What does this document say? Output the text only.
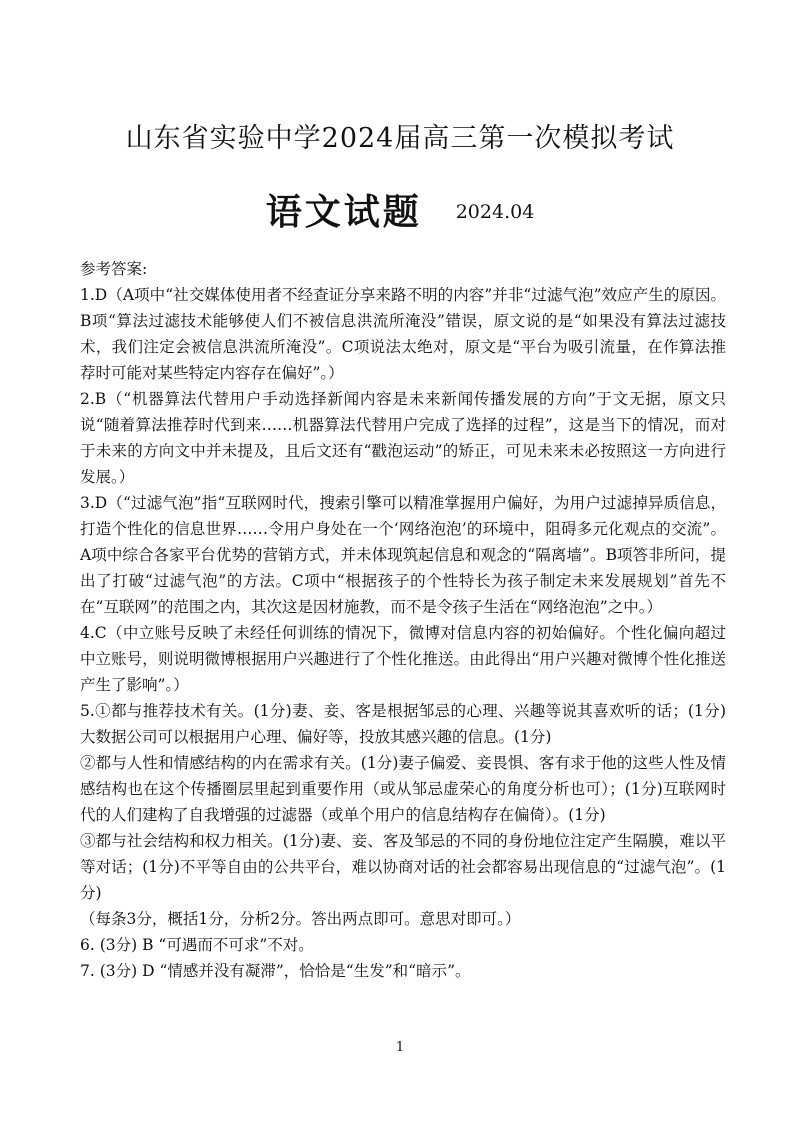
山东省实验中学2024届高三第一次模拟考试
语文试题 2024.04

参考答案:

1.D（A项中“社交媒体使用者不经查证分享来路不明的内容”并非“过滤气泡”效应产生的原因。B项“算法过滤技术能够使人们不被信息洪流所淹没”错误，原文说的是“如果没有算法过滤技术，我们注定会被信息洪流所淹没”。C项说法太绝对，原文是“平台为吸引流量，在作算法推荐时可能对某些特定内容存在偏好”。）

2.B（“机器算法代替用户手动选择新闻内容是未来新闻传播发展的方向”于文无据，原文只说“随着算法推荐时代到来……机器算法代替用户完成了选择的过程”，这是当下的情况，而对于未来的方向文中并未提及，且后文还有“戳泡运动”的矫正，可见未来未必按照这一方向进行发展。）

3.D（“过滤气泡”指“互联网时代，搜索引擎可以精准掌握用户偏好，为用户过滤掉异质信息，打造个性化的信息世界……令用户身处在一个‘网络泡泡’的环境中，阻碍多元化观点的交流”。A项中综合各家平台优势的营销方式，并未体现筑起信息和观念的“隔离墙”。B项答非所问，提出了打破“过滤气泡”的方法。C项中“根据孩子的个性特长为孩子制定未来发展规划”首先不在“互联网”的范围之内，其次这是因材施教，而不是令孩子生活在“网络泡泡”之中。）

4.C（中立账号反映了未经任何训练的情况下，微博对信息内容的初始偏好。个性化偏向超过中立账号，则说明微博根据用户兴趣进行了个性化推送。由此得出“用户兴趣对微博个性化推送产生了影响”。）

5.①都与推荐技术有关。(1分)妻、妾、客是根据邹忌的心理、兴趣等说其喜欢听的话；(1分)大数据公司可以根据用户心理、偏好等，投放其感兴趣的信息。(1分)

②都与人性和情感结构的内在需求有关。(1分)妻子偏爱、妾畏惧、客有求于他的这些人性及情感结构也在这个传播圈层里起到重要作用（或从邹忌虚荣心的角度分析也可）；(1分)互联网时代的人们建构了自我增强的过滤器（或单个用户的信息结构存在偏倚）。(1分)

③都与社会结构和权力相关。(1分)妻、妾、客及邹忌的不同的身份地位注定产生隔膜，难以平等对话；(1分)不平等自由的公共平台，难以协商对话的社会都容易出现信息的“过滤气泡”。(1分)

（每条3分，概括1分，分析2分。答出两点即可。意思对即可。）

6. (3分) B “可遇而不可求”不对。

7. (3分) D “情感并没有凝滞”，恰恰是“生发”和“暗示”。

1
